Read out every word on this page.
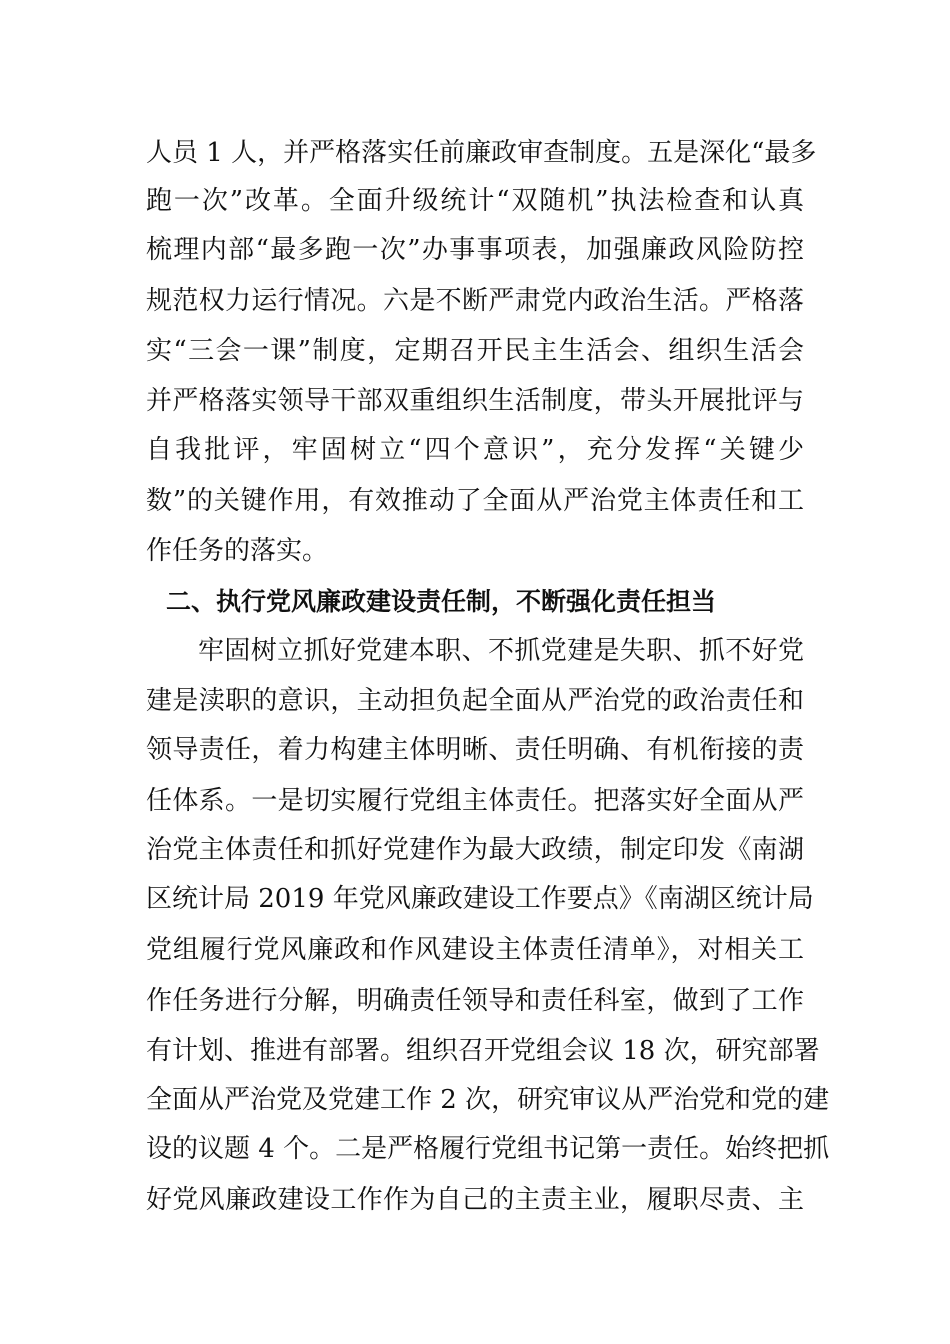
人员 1 人，并严格落实任前廉政审查制度。五是深化“最多
跑一次”改革。全面升级统计“双随机”执法检查和认真
梳理内部“最多跑一次”办事事项表，加强廉政风险防控
规范权力运行情况。六是不断严肃党内政治生活。严格落
实“三会一课”制度，定期召开民主生活会、组织生活会
并严格落实领导干部双重组织生活制度，带头开展批评与
自我批评，牢固树立“四个意识”，充分发挥“关键少
数”的关键作用，有效推动了全面从严治党主体责任和工
作任务的落实。
二、执行党风廉政建设责任制，不断强化责任担当
牢固树立抓好党建本职、不抓党建是失职、抓不好党
建是渎职的意识，主动担负起全面从严治党的政治责任和
领导责任，着力构建主体明晰、责任明确、有机衔接的责
任体系。一是切实履行党组主体责任。把落实好全面从严
治党主体责任和抓好党建作为最大政绩，制定印发《南湖
区统计局 2019 年党风廉政建设工作要点》《南湖区统计局
党组履行党风廉政和作风建设主体责任清单》，对相关工
作任务进行分解，明确责任领导和责任科室，做到了工作
有计划、推进有部署。组织召开党组会议 18 次，研究部署
全面从严治党及党建工作 2 次，研究审议从严治党和党的建
设的议题 4 个。二是严格履行党组书记第一责任。始终把抓
好党风廉政建设工作作为自己的主责主业，履职尽责、主
